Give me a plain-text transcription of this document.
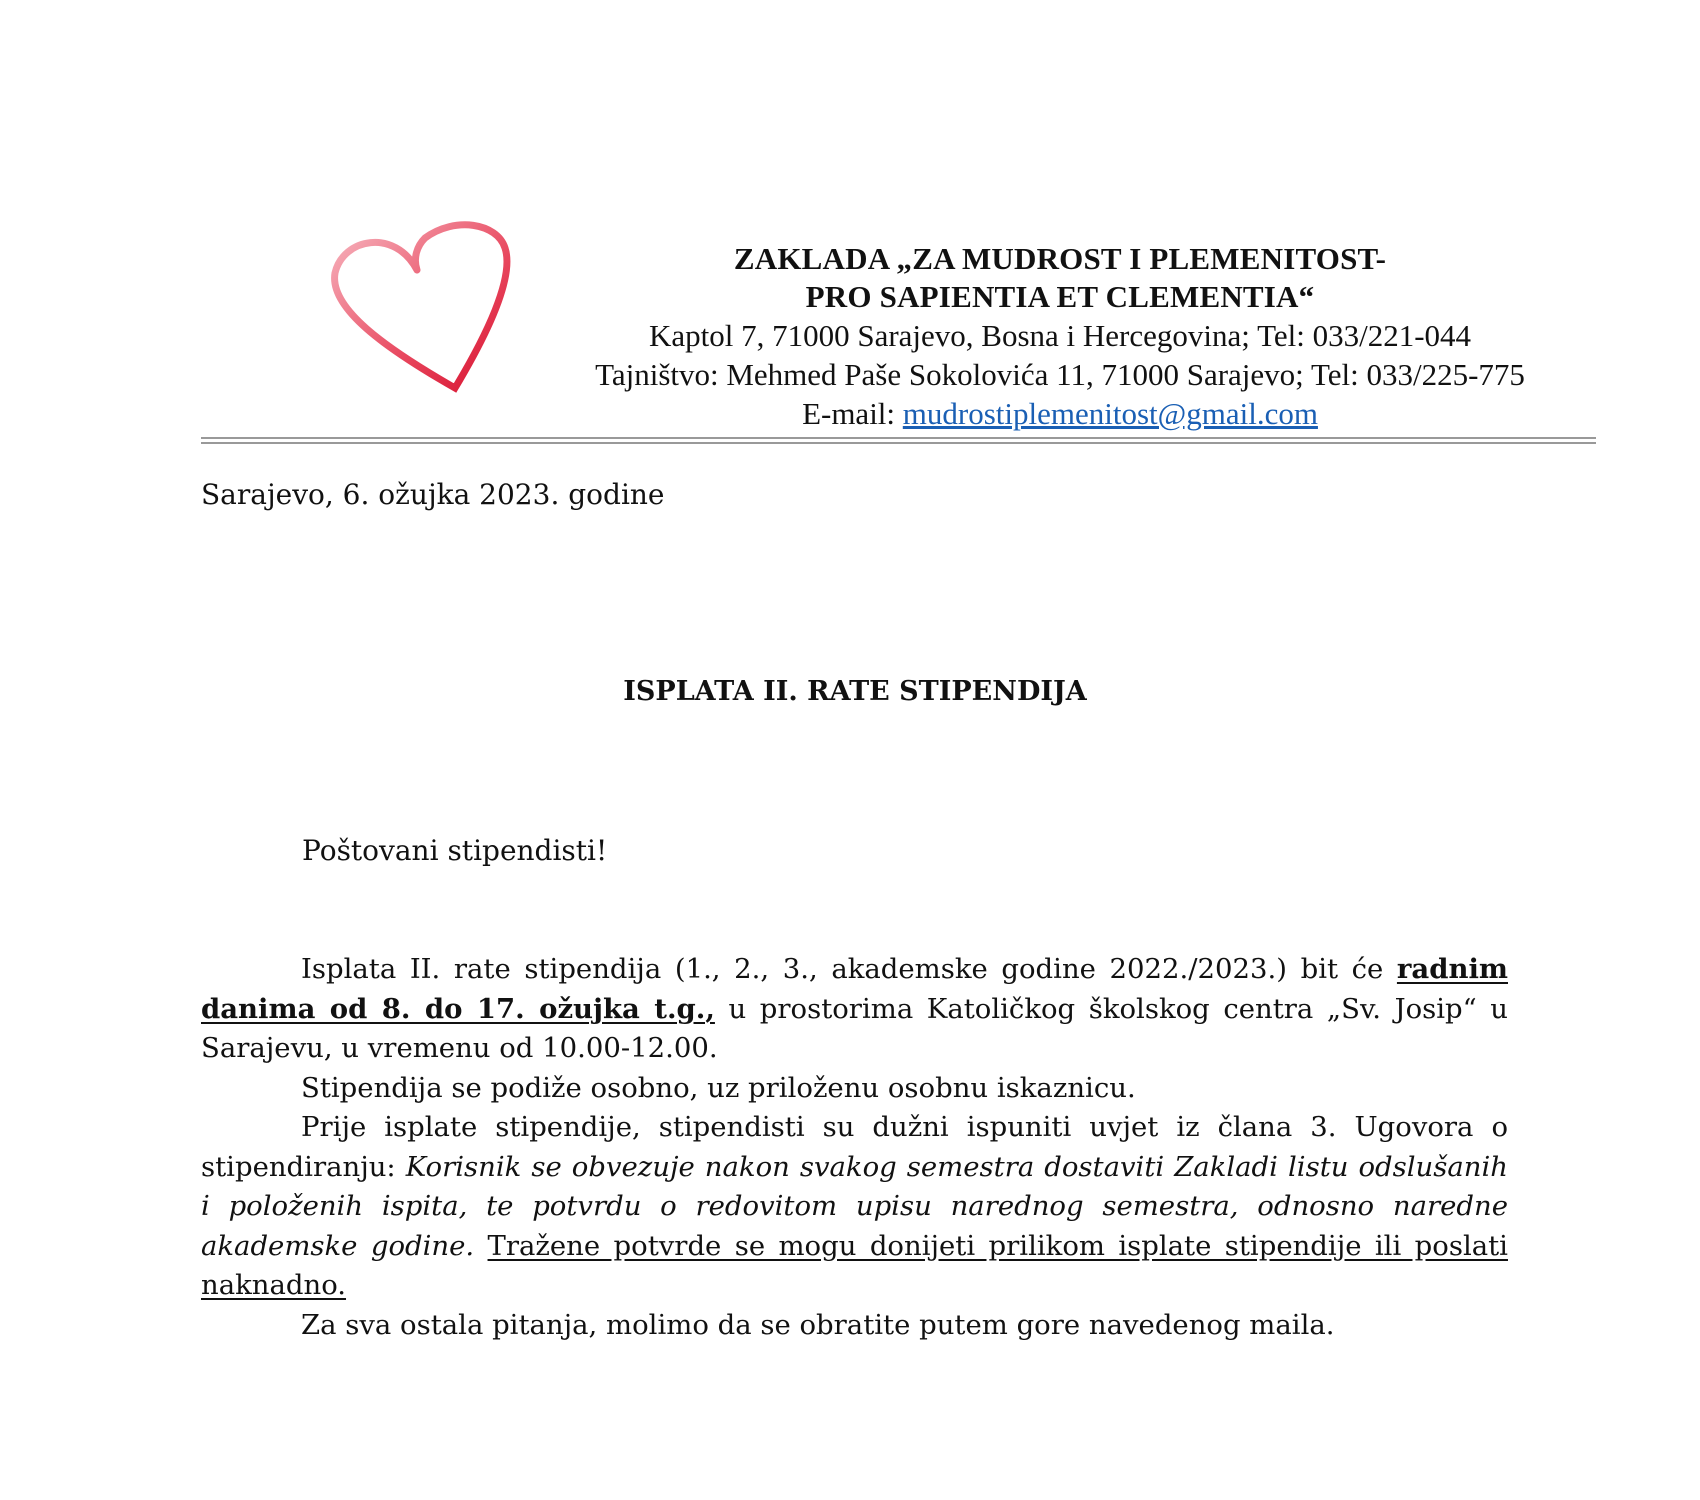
ZAKLADA „ZA MUDROST I PLEMENITOST-
PRO SAPIENTIA ET CLEMENTIA“
Kaptol 7, 71000 Sarajevo, Bosna i Hercegovina; Tel: 033/221-044
Tajništvo: Mehmed Paše Sokolovića 11, 71000 Sarajevo; Tel: 033/225-775
E-mail: mudrostiplemenitost@gmail.com
Sarajevo, 6. ožujka 2023. godine
ISPLATA II. RATE STIPENDIJA
Poštovani stipendisti!

Isplata II. rate stipendija (1., 2., 3., akademske godine 2022./2023.) bit će radnim danima od 8. do 17. ožujka t.g., u prostorima Katoličkog školskog centra „Sv. Josip“ u Sarajevu, u vremenu od 10.00-12.00.

Stipendija se podiže osobno, uz priloženu osobnu iskaznicu.

Prije isplate stipendije, stipendisti su dužni ispuniti uvjet iz člana 3. Ugovora o stipendiranju: Korisnik se obvezuje nakon svakog semestra dostaviti Zakladi listu odslušanih i položenih ispita, te potvrdu o redovitom upisu narednog semestra, odnosno naredne akademske godine. Tražene potvrde se mogu donijeti prilikom isplate stipendije ili poslati naknadno.

Za sva ostala pitanja, molimo da se obratite putem gore navedenog maila.
